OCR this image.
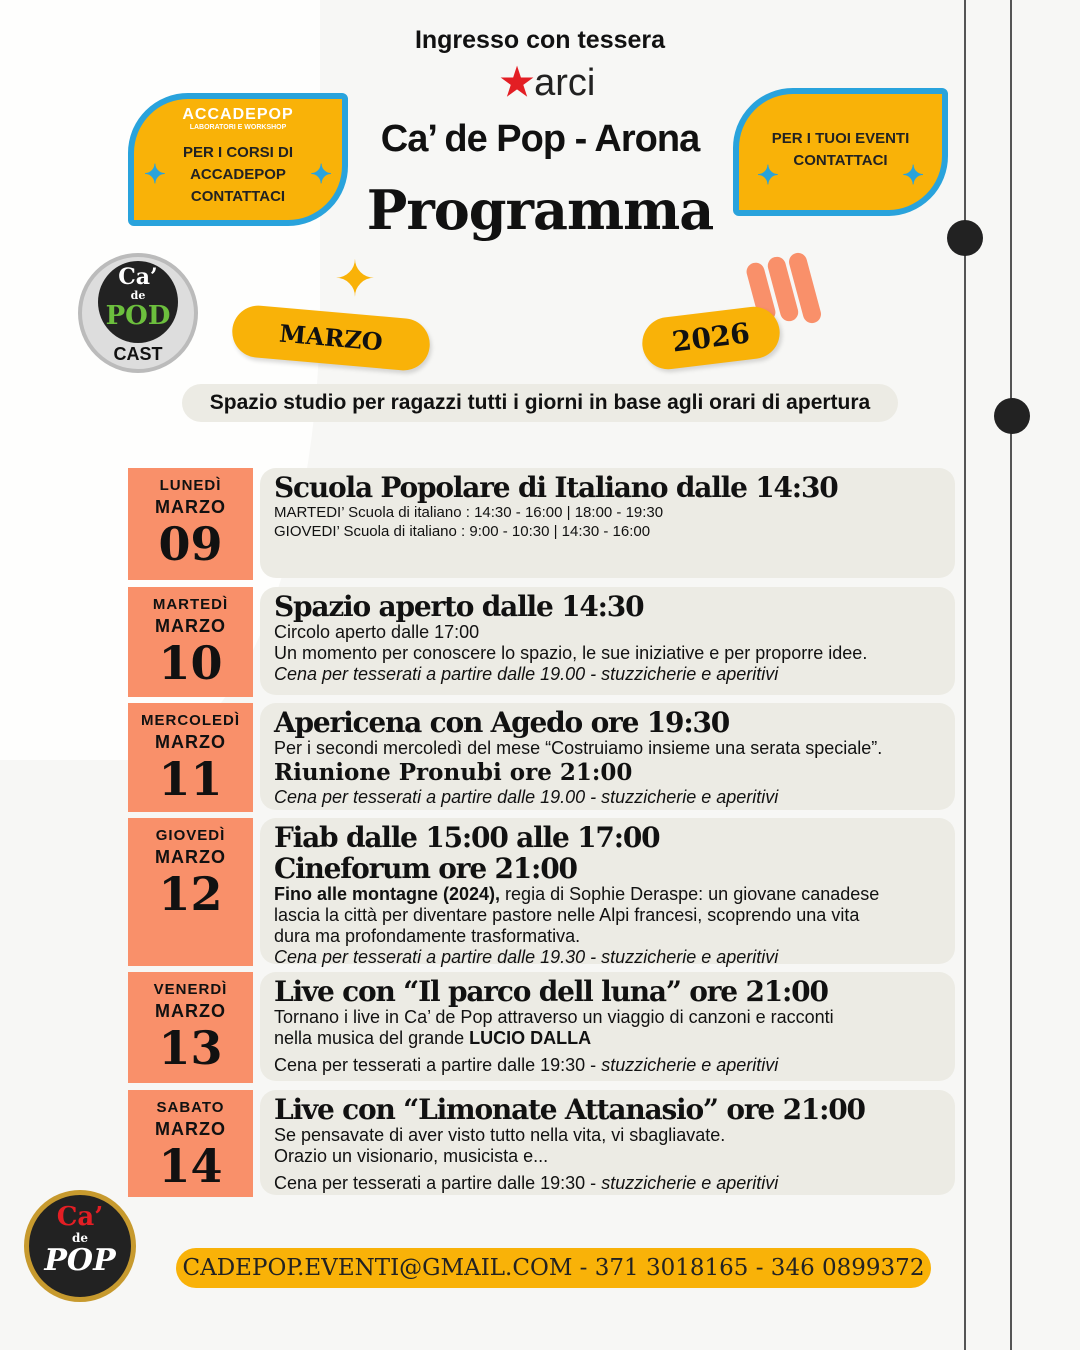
Ingresso con tessera
★arci
Ca’ de Pop - Arona
Programma
ACCADEPOP
LABORATORI E WORKSHOP
PER I CORSI DI
ACCADEPOP
CONTATTACI
✦	✦
PER I TUOI EVENTI
CONTATTACI
✦	✦
Ca’
de
POD
CAST
✦
MARZO	2026
Spazio studio per ragazzi tutti i giorni in base agli orari di apertura
LUNEDÌ
MARZO
09
Scuola Popolare di Italiano dalle 14:30
MARTEDI’ Scuola di italiano : 14:30 - 16:00 | 18:00 - 19:30
GIOVEDI’ Scuola di italiano : 9:00 - 10:30 | 14:30 - 16:00
MARTEDÌ
MARZO
10
Spazio aperto dalle 14:30
Circolo aperto dalle 17:00
Un momento per conoscere lo spazio, le sue iniziative e per proporre idee.
Cena per tesserati a partire dalle 19.00 - stuzzicherie e aperitivi
MERCOLEDÌ
MARZO
11
Apericena con Agedo ore 19:30
Per i secondi mercoledì del mese “Costruiamo insieme una serata speciale”.
Riunione Pronubi ore 21:00
Cena per tesserati a partire dalle 19.00 - stuzzicherie e aperitivi
GIOVEDÌ
MARZO
12
Fiab dalle 15:00 alle 17:00
Cineforum ore 21:00
Fino alle montagne (2024), regia di Sophie Deraspe: un giovane canadese
lascia la città per diventare pastore nelle Alpi francesi, scoprendo una vita
dura ma profondamente trasformativa.
Cena per tesserati a partire dalle 19.30 - stuzzicherie e aperitivi
VENERDÌ
MARZO
13
Live con “Il parco dell luna” ore 21:00
Tornano i live in Ca’ de Pop attraverso un viaggio di canzoni e racconti
nella musica del grande LUCIO DALLA
Cena per tesserati a partire dalle 19:30 - stuzzicherie e aperitivi
SABATO
MARZO
14
Live con “Limonate Attanasio” ore 21:00
Se pensavate di aver visto tutto nella vita, vi sbagliavate.
Orazio un visionario, musicista e...
Cena per tesserati a partire dalle 19:30 - stuzzicherie e aperitivi
CADEPOP.EVENTI@GMAIL.COM - 371 3018165 - 346 0899372
Ca’
de
POP
